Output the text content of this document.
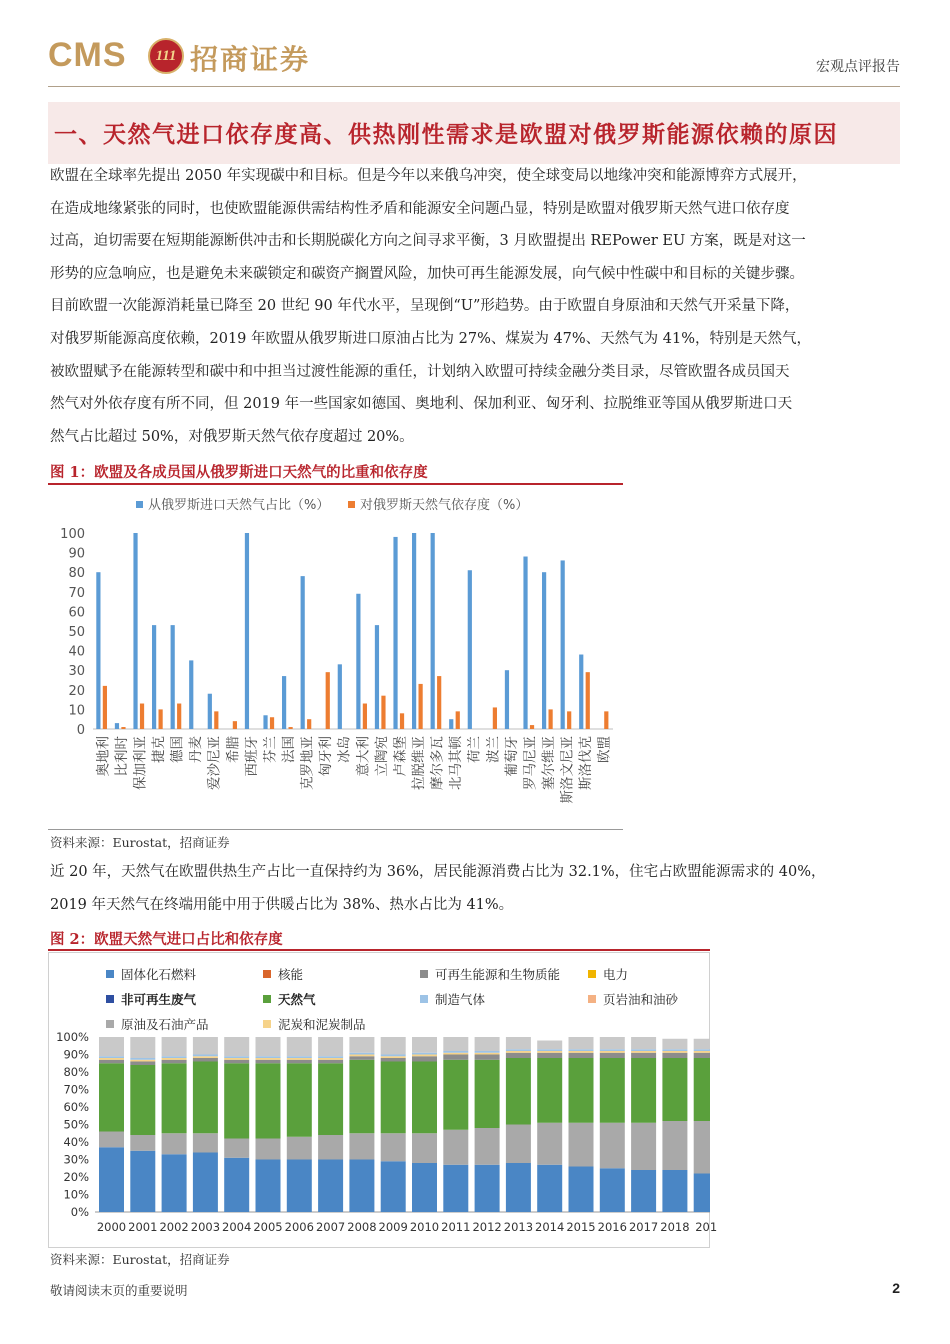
CMS	111 招商证券	宏观点评报告
一、天然气进口依存度高、供热刚性需求是欧盟对俄罗斯能源依赖的原因
欧盟在全球率先提出 2050 年实现碳中和目标。但是今年以来俄乌冲突，使全球变局以地缘冲突和能源博弈方式展开，
在造成地缘紧张的同时，也使欧盟能源供需结构性矛盾和能源安全问题凸显，特别是欧盟对俄罗斯天然气进口依存度
过高，迫切需要在短期能源断供冲击和长期脱碳化方向之间寻求平衡，3 月欧盟提出 REPower EU 方案，既是对这一
形势的应急响应，也是避免未来碳锁定和碳资产搁置风险，加快可再生能源发展，向气候中性碳中和目标的关键步骤。
目前欧盟一次能源消耗量已降至 20 世纪 90 年代水平，呈现倒“U”形趋势。由于欧盟自身原油和天然气开采量下降，
对俄罗斯能源高度依赖，2019 年欧盟从俄罗斯进口原油占比为 27%、煤炭为 47%、天然气为 41%，特别是天然气，
被欧盟赋予在能源转型和碳中和中担当过渡性能源的重任，计划纳入欧盟可持续金融分类目录，尽管欧盟各成员国天
然气对外依存度有所不同，但 2019 年一些国家如德国、奥地利、保加利亚、匈牙利、拉脱维亚等国从俄罗斯进口天
然气占比超过 50%，对俄罗斯天然气依存度超过 20%。
图 1：欧盟及各成员国从俄罗斯进口天然气的比重和依存度
从俄罗斯进口天然气占比（%） 对俄罗斯天然气依存度（%）
0
10
20
30
40
50
60
70
80
90
100
奥地利 比利时 保加利亚 捷克 德国 丹麦 爱沙尼亚 希腊 西班牙 芬兰 法国 克罗地亚 匈牙利 冰岛 意大利 立陶宛 卢森堡 拉脱维亚 摩尔多瓦 北马其顿 荷兰 波兰 葡萄牙 罗马尼亚 塞尔维亚 斯洛文尼亚 斯洛伐克 欧盟
资料来源：Eurostat，招商证券
近 20 年，天然气在欧盟供热生产占比一直保持约为 36%，居民能源消费占比为 32.1%，住宅占欧盟能源需求的 40%，
2019 年天然气在终端用能中用于供暖占比为 38%、热水占比为 41%。
图 2：欧盟天然气进口占比和依存度
固体化石燃料	核能	可再生能源和生物质能	电力
非可再生废气	天然气	制造气体	页岩油和油砂
原油及石油产品	泥炭和泥炭制品
0%
10%
20%
30%
40%
50%
60%
70%
80%
90%
100%
2000 2001 2002 2003 2004 2005 2006 2007 2008 2009 2010 2011 2012 2013 2014 2015 2016 2017 2018 201
资料来源：Eurostat，招商证券
敬请阅读末页的重要说明	2
